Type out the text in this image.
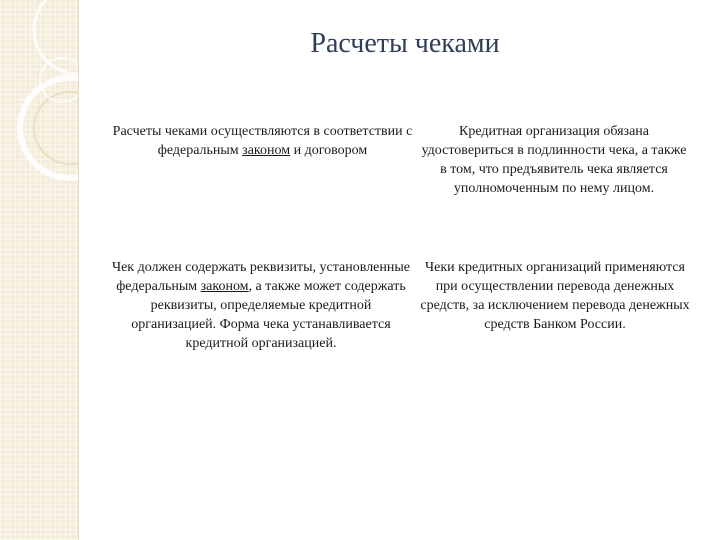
Расчеты чеками

Расчеты чеками осуществляются в соответствии с федеральным законом и договором

Кредитная организация обязана удостовериться в подлинности чека, а также в том, что предъявитель чека является уполномоченным по нему лицом.

Чек должен содержать реквизиты, установленные федеральным законом, а также может содержать реквизиты, определяемые кредитной организацией. Форма чека устанавливается кредитной организацией.

Чеки кредитных организаций применяются при осуществлении перевода денежных средств, за исключением перевода денежных средств Банком России.
